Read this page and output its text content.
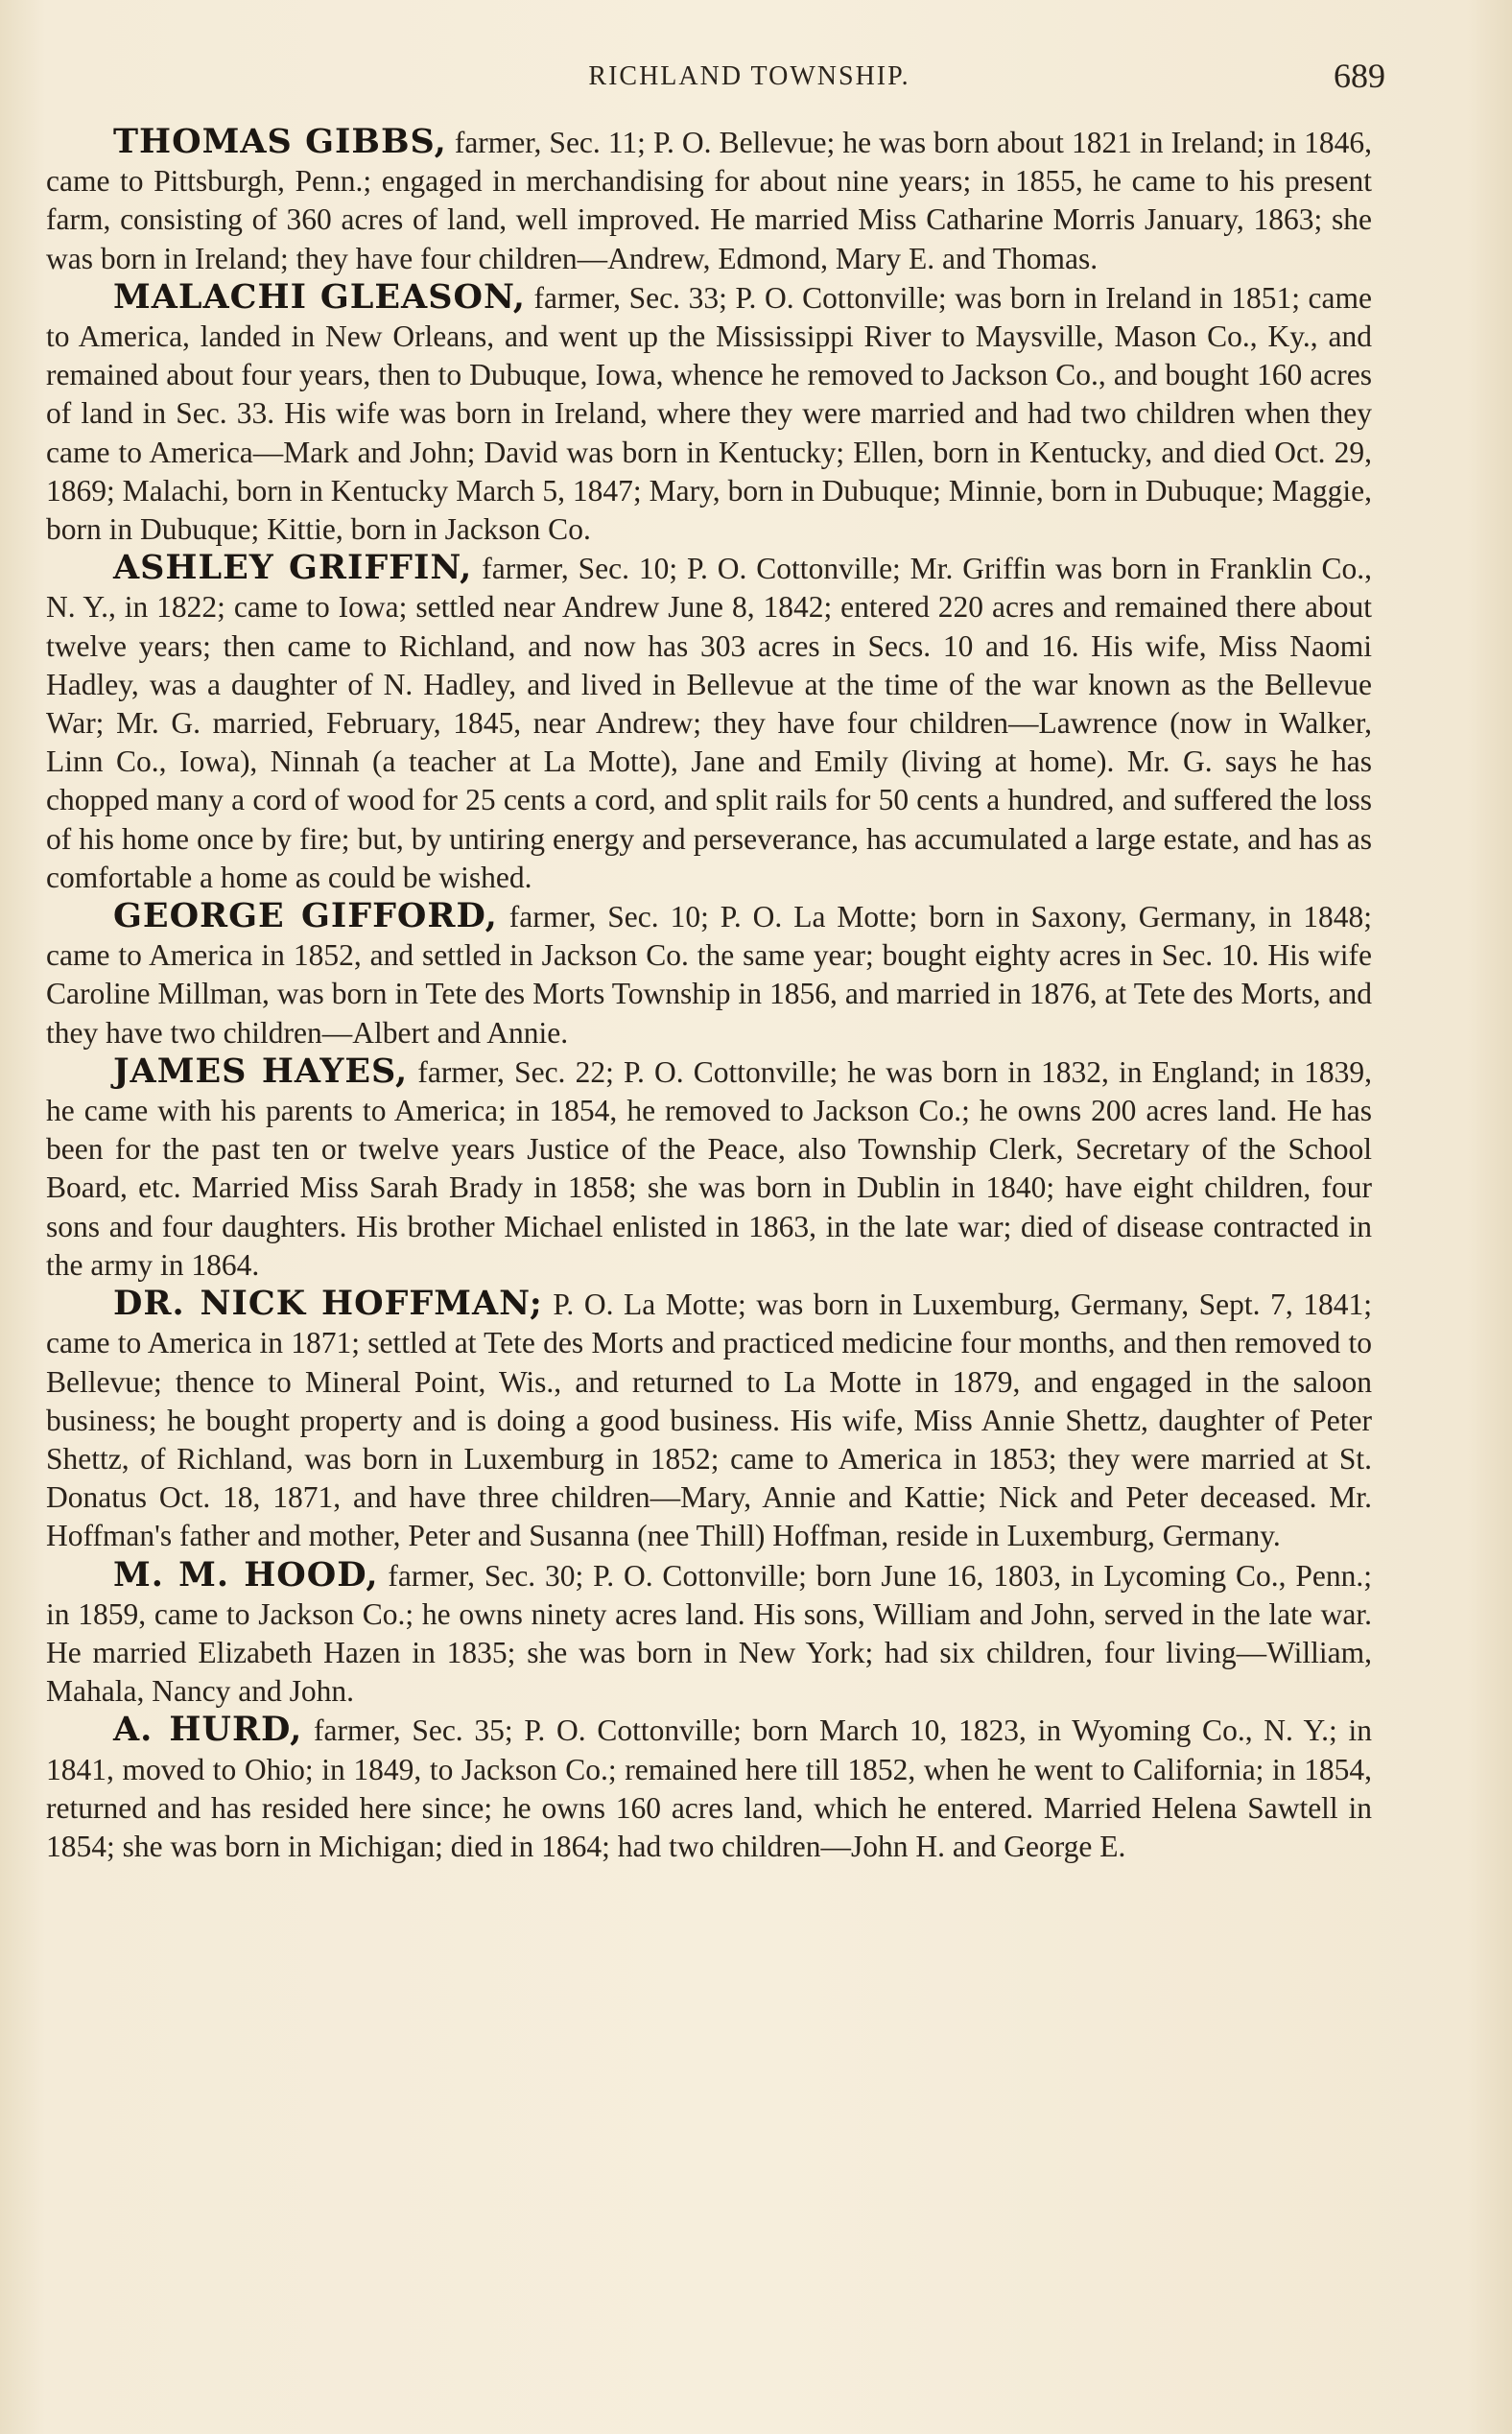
RICHLAND TOWNSHIP.	689

THOMAS GIBBS, farmer, Sec. 11; P. O. Bellevue; he was born about 1821 in Ireland; in 1846, came to Pittsburgh, Penn.; engaged in merchandising for about nine years; in 1855, he came to his present farm, consisting of 360 acres of land, well improved. He married Miss Catharine Morris January, 1863; she was born in Ireland; they have four children—Andrew, Edmond, Mary E. and Thomas.

MALACHI GLEASON, farmer, Sec. 33; P. O. Cottonville; was born in Ireland in 1851; came to America, landed in New Orleans, and went up the Mississippi River to Maysville, Mason Co., Ky., and remained about four years, then to Dubuque, Iowa, whence he removed to Jackson Co., and bought 160 acres of land in Sec. 33. His wife was born in Ireland, where they were married and had two children when they came to America—Mark and John; David was born in Kentucky; Ellen, born in Kentucky, and died Oct. 29, 1869; Malachi, born in Kentucky March 5, 1847; Mary, born in Dubuque; Minnie, born in Dubuque; Maggie, born in Dubuque; Kittie, born in Jackson Co.

ASHLEY GRIFFIN, farmer, Sec. 10; P. O. Cottonville; Mr. Griffin was born in Franklin Co., N. Y., in 1822; came to Iowa; settled near Andrew June 8, 1842; entered 220 acres and remained there about twelve years; then came to Richland, and now has 303 acres in Secs. 10 and 16. His wife, Miss Naomi Hadley, was a daughter of N. Hadley, and lived in Bellevue at the time of the war known as the Bellevue War; Mr. G. married, February, 1845, near Andrew; they have four children—Lawrence (now in Walker, Linn Co., Iowa), Ninnah (a teacher at La Motte), Jane and Emily (living at home). Mr. G. says he has chopped many a cord of wood for 25 cents a cord, and split rails for 50 cents a hundred, and suffered the loss of his home once by fire; but, by untiring energy and perseverance, has accumulated a large estate, and has as comfortable a home as could be wished.

GEORGE GIFFORD, farmer, Sec. 10; P. O. La Motte; born in Saxony, Germany, in 1848; came to America in 1852, and settled in Jackson Co. the same year; bought eighty acres in Sec. 10. His wife Caroline Millman, was born in Tete des Morts Township in 1856, and married in 1876, at Tete des Morts, and they have two children—Albert and Annie.

JAMES HAYES, farmer, Sec. 22; P. O. Cottonville; he was born in 1832, in England; in 1839, he came with his parents to America; in 1854, he removed to Jackson Co.; he owns 200 acres land. He has been for the past ten or twelve years Justice of the Peace, also Township Clerk, Secretary of the School Board, etc. Married Miss Sarah Brady in 1858; she was born in Dublin in 1840; have eight children, four sons and four daughters. His brother Michael enlisted in 1863, in the late war; died of disease contracted in the army in 1864.

DR. NICK HOFFMAN; P. O. La Motte; was born in Luxemburg, Germany, Sept. 7, 1841; came to America in 1871; settled at Tete des Morts and practiced medicine four months, and then removed to Bellevue; thence to Mineral Point, Wis., and returned to La Motte in 1879, and engaged in the saloon business; he bought property and is doing a good business. His wife, Miss Annie Shettz, daughter of Peter Shettz, of Richland, was born in Luxemburg in 1852; came to America in 1853; they were married at St. Donatus Oct. 18, 1871, and have three children—Mary, Annie and Kattie; Nick and Peter deceased. Mr. Hoffman's father and mother, Peter and Susanna (nee Thill) Hoffman, reside in Luxemburg, Germany.

M. M. HOOD, farmer, Sec. 30; P. O. Cottonville; born June 16, 1803, in Lycoming Co., Penn.; in 1859, came to Jackson Co.; he owns ninety acres land. His sons, William and John, served in the late war. He married Elizabeth Hazen in 1835; she was born in New York; had six children, four living—William, Mahala, Nancy and John.

A. HURD, farmer, Sec. 35; P. O. Cottonville; born March 10, 1823, in Wyoming Co., N. Y.; in 1841, moved to Ohio; in 1849, to Jackson Co.; remained here till 1852, when he went to California; in 1854, returned and has resided here since; he owns 160 acres land, which he entered. Married Helena Sawtell in 1854; she was born in Michigan; died in 1864; had two children—John H. and George E.
